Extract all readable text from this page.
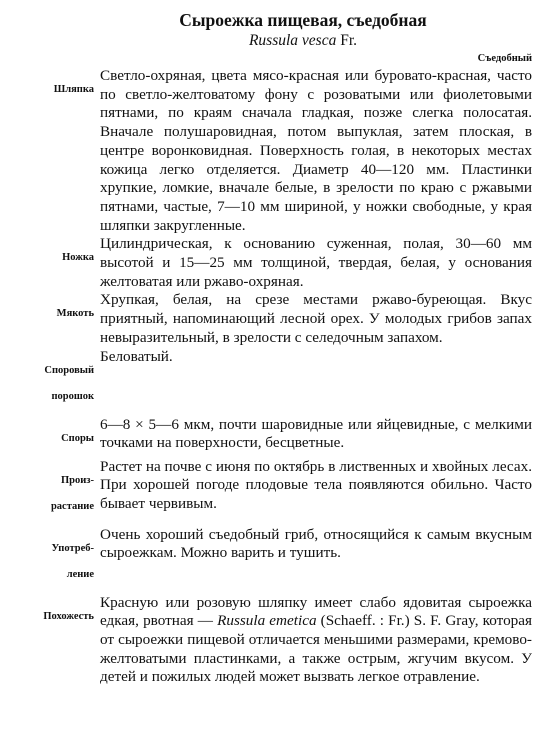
Сыроежка пищевая, съедобная
Russula vesca Fr.
Съедобный

Шляпка

Светло-охряная, цвета мясо-красная или буровато-красная, часто по светло-желтоватому фону с розоватыми или фиолетовыми пятнами, по краям сначала гладкая, позже слегка полосатая. Вначале полушаровидная, потом выпуклая, затем плоская, в центре воронковидная. Поверхность голая, в некоторых местах кожица легко отделяется. Диаметр 40—120 мм. Пластинки хрупкие, ломкие, вначале белые, в зрелости по краю с ржавыми пятнами, частые, 7—10 мм шириной, у ножки свободные, у края шляпки закругленные.

Ножка

Цилиндрическая, к основанию суженная, полая, 30—60 мм высотой и 15—25 мм толщиной, твердая, белая, у основания желтоватая или ржаво-охряная.

Мякоть

Хрупкая, белая, на срезе местами ржаво-буреющая. Вкус приятный, напоминающий лесной орех. У молодых грибов запах невыразительный, в зрелости с селедочным запахом.

Споровый

порошок

Беловатый.

Споры

6—8 × 5—6 мкм, почти шаровидные или яйцевидные, с мелкими точками на поверхности, бесцветные.

Произ-

растание

Растет на почве с июня по октябрь в лиственных и хвойных лесах. При хорошей погоде плодовые тела появляются обильно. Часто бывает червивым.

Употреб-

ление

Очень хороший съедобный гриб, относящийся к самым вкусным сыроежкам. Можно варить и тушить.

Похожесть

Красную или розовую шляпку имеет слабо ядовитая сыроежка едкая, рвотная — Russula emetica (Schaeff. : Fr.) S. F. Gray, которая от сыроежки пищевой отличается меньшими размерами, кремово-желтоватыми пластинками, а также острым, жгучим вкусом. У детей и пожилых людей может вызвать легкое отравление.
